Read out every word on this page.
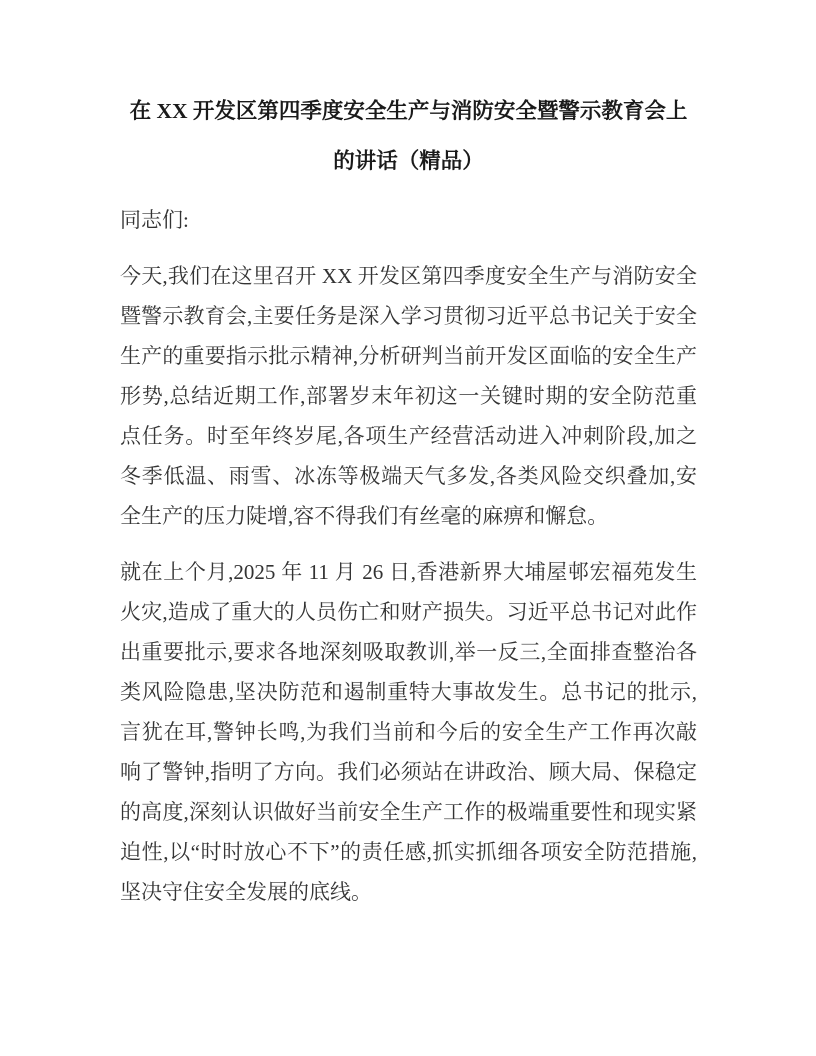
在 XX 开发区第四季度安全生产与消防安全暨警示教育会上的讲话（精品）

同志们:

今天,我们在这里召开 XX 开发区第四季度安全生产与消防安全暨警示教育会,主要任务是深入学习贯彻习近平总书记关于安全生产的重要指示批示精神,分析研判当前开发区面临的安全生产形势,总结近期工作,部署岁末年初这一关键时期的安全防范重点任务。时至年终岁尾,各项生产经营活动进入冲刺阶段,加之冬季低温、雨雪、冰冻等极端天气多发,各类风险交织叠加,安全生产的压力陡增,容不得我们有丝毫的麻痹和懈怠。

就在上个月,2025 年 11 月 26 日,香港新界大埔屋邨宏福苑发生火灾,造成了重大的人员伤亡和财产损失。习近平总书记对此作出重要批示,要求各地深刻吸取教训,举一反三,全面排查整治各类风险隐患,坚决防范和遏制重特大事故发生。总书记的批示,言犹在耳,警钟长鸣,为我们当前和今后的安全生产工作再次敲响了警钟,指明了方向。我们必须站在讲政治、顾大局、保稳定的高度,深刻认识做好当前安全生产工作的极端重要性和现实紧迫性,以“时时放心不下”的责任感,抓实抓细各项安全防范措施,坚决守住安全发展的底线。
